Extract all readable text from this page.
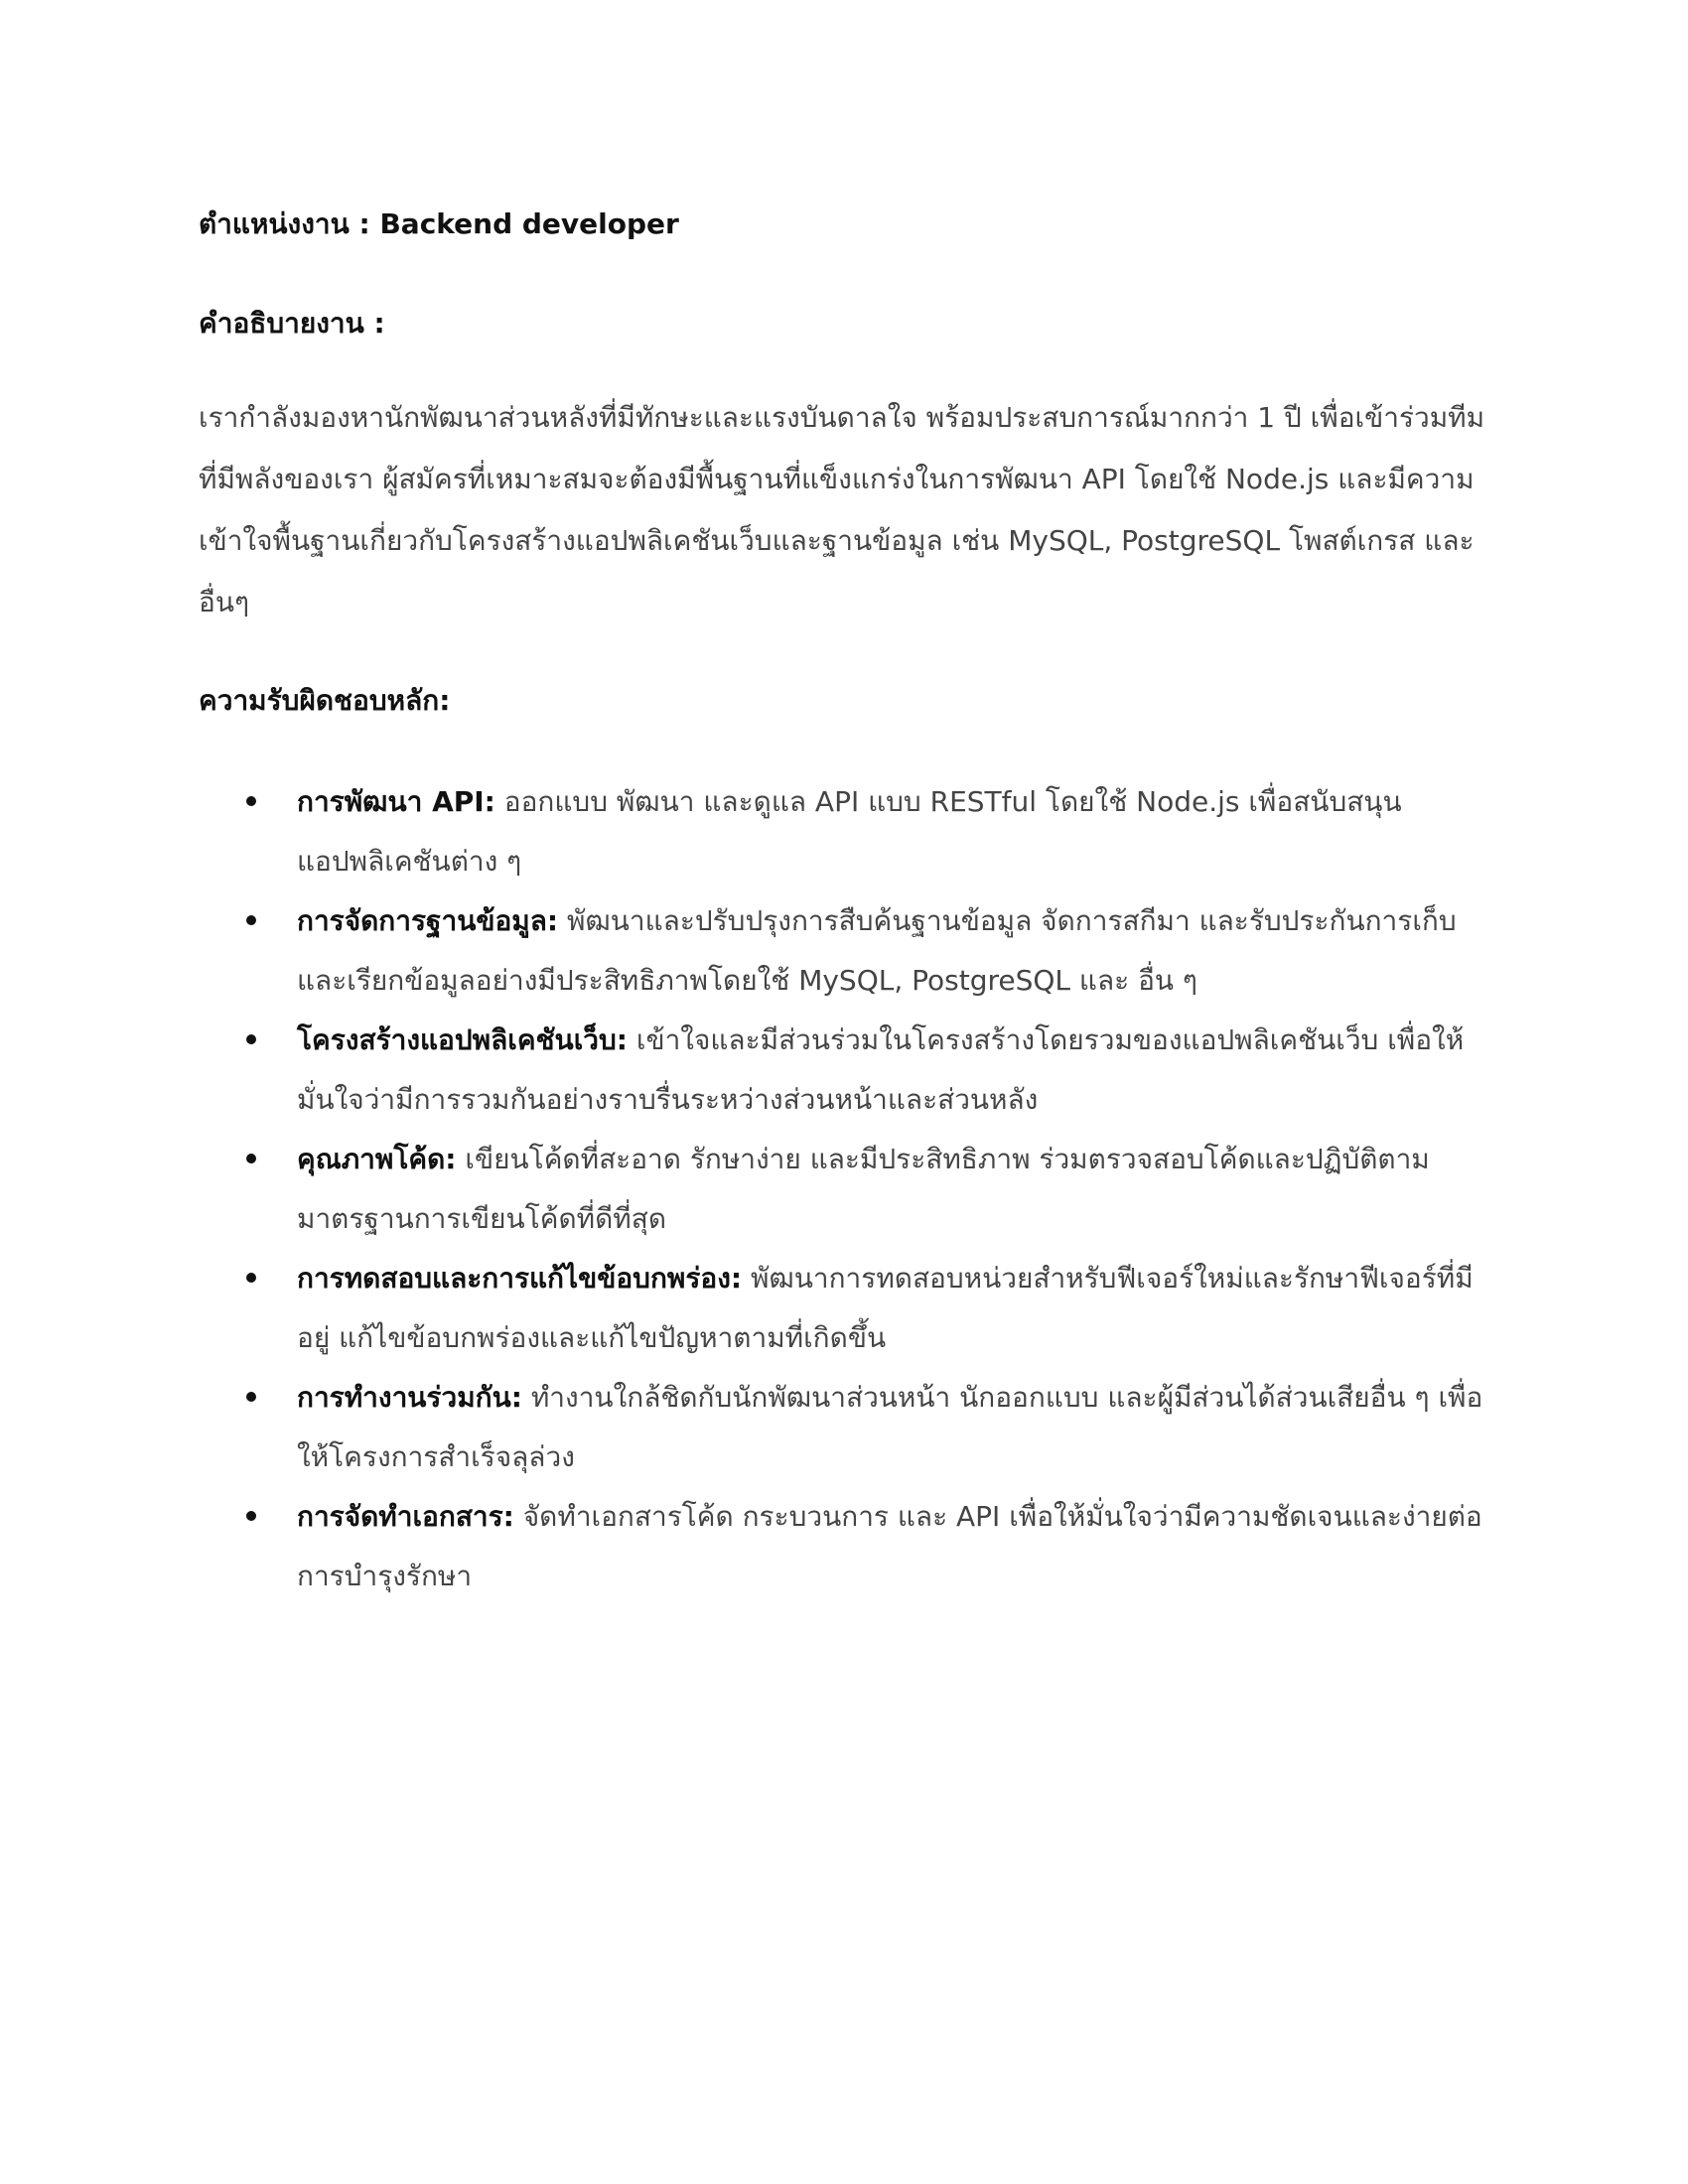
ตำแหน่งงาน : Backend developer

คำอธิบายงาน :

เรากำลังมองหานักพัฒนาส่วนหลังที่มีทักษะและแรงบันดาลใจ พร้อมประสบการณ์มากกว่า 1 ปี เพื่อเข้าร่วมทีมที่มีพลังของเรา ผู้สมัครที่เหมาะสมจะต้องมีพื้นฐานที่แข็งแกร่งในการพัฒนา API โดยใช้ Node.js และมีความเข้าใจพื้นฐานเกี่ยวกับโครงสร้างแอปพลิเคชันเว็บและฐานข้อมูล เช่น MySQL, PostgreSQL โพสต์เกรส และ อื่นๆ

ความรับผิดชอบหลัก:

การพัฒนา API: ออกแบบ พัฒนา และดูแล API แบบ RESTful โดยใช้ Node.js เพื่อสนับสนุนแอปพลิเคชันต่าง ๆ
การจัดการฐานข้อมูล: พัฒนาและปรับปรุงการสืบค้นฐานข้อมูล จัดการสกีมา และรับประกันการเก็บและเรียกข้อมูลอย่างมีประสิทธิภาพโดยใช้ MySQL, PostgreSQL และ อื่น ๆ
โครงสร้างแอปพลิเคชันเว็บ: เข้าใจและมีส่วนร่วมในโครงสร้างโดยรวมของแอปพลิเคชันเว็บ เพื่อให้มั่นใจว่ามีการรวมกันอย่างราบรื่นระหว่างส่วนหน้าและส่วนหลัง
คุณภาพโค้ด: เขียนโค้ดที่สะอาด รักษาง่าย และมีประสิทธิภาพ ร่วมตรวจสอบโค้ดและปฏิบัติตามมาตรฐานการเขียนโค้ดที่ดีที่สุด
การทดสอบและการแก้ไขข้อบกพร่อง: พัฒนาการทดสอบหน่วยสำหรับฟีเจอร์ใหม่และรักษาฟีเจอร์ที่มีอยู่ แก้ไขข้อบกพร่องและแก้ไขปัญหาตามที่เกิดขึ้น
การทำงานร่วมกัน: ทำงานใกล้ชิดกับนักพัฒนาส่วนหน้า นักออกแบบ และผู้มีส่วนได้ส่วนเสียอื่น ๆ เพื่อให้โครงการสำเร็จลุล่วง
การจัดทำเอกสาร: จัดทำเอกสารโค้ด กระบวนการ และ API เพื่อให้มั่นใจว่ามีความชัดเจนและง่ายต่อการบำรุงรักษา
